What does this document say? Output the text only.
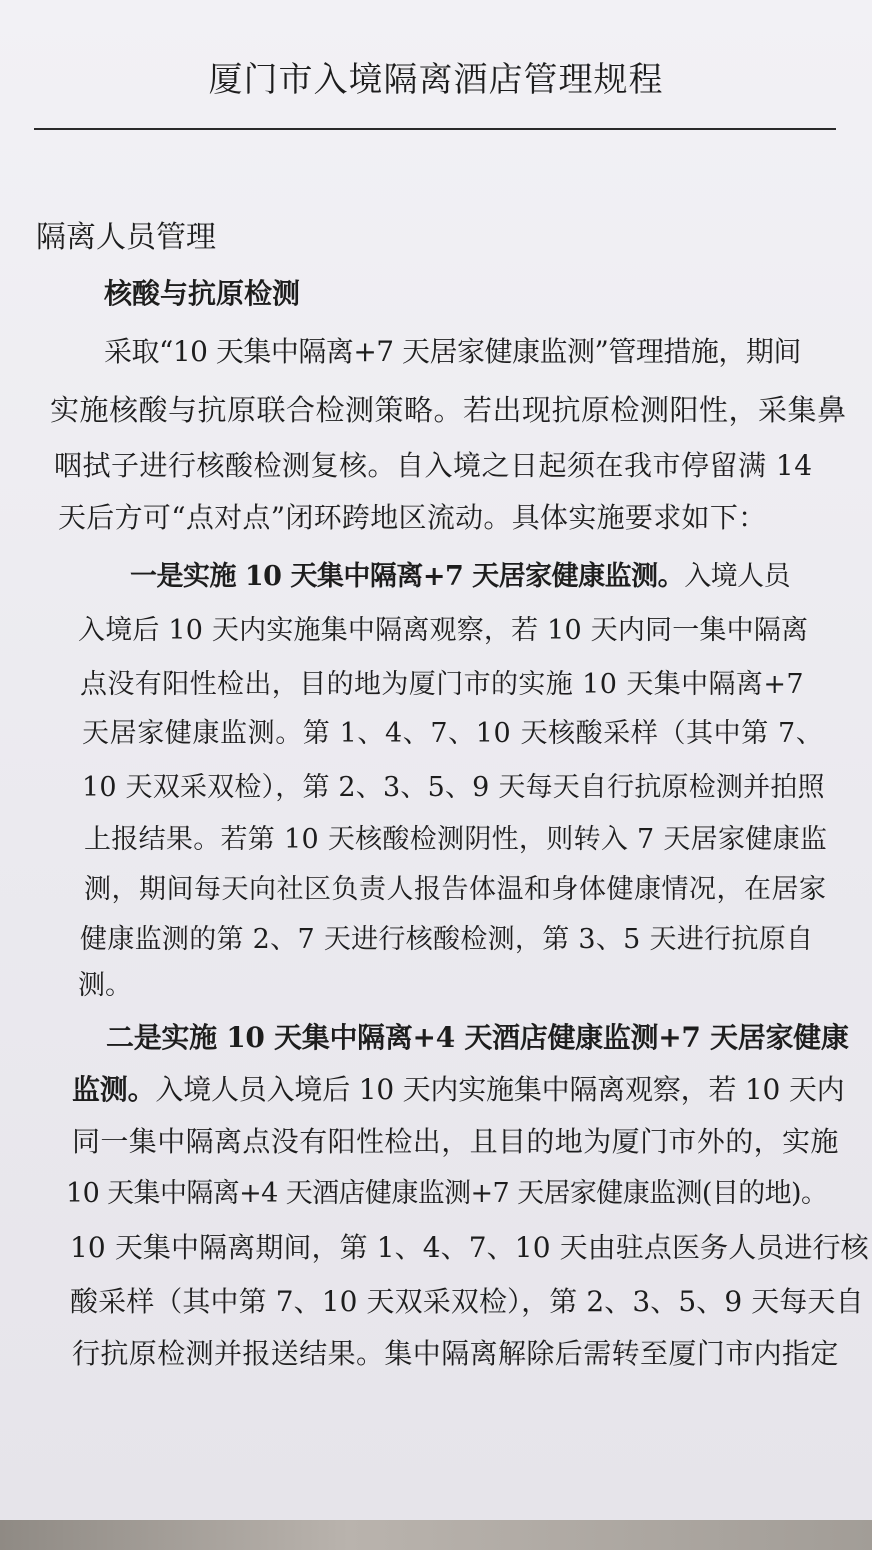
厦门市入境隔离酒店管理规程
隔离人员管理
核酸与抗原检测
采取“10 天集中隔离+7 天居家健康监测”管理措施，期间
实施核酸与抗原联合检测策略。若出现抗原检测阳性，采集鼻
咽拭子进行核酸检测复核。自入境之日起须在我市停留满 14
天后方可“点对点”闭环跨地区流动。具体实施要求如下：
一是实施 10 天集中隔离+7 天居家健康监测。入境人员
入境后 10 天内实施集中隔离观察，若 10 天内同一集中隔离
点没有阳性检出，目的地为厦门市的实施 10 天集中隔离+7
天居家健康监测。第 1、4、7、10 天核酸采样（其中第 7、
10 天双采双检），第 2、3、5、9 天每天自行抗原检测并拍照
上报结果。若第 10 天核酸检测阴性，则转入 7 天居家健康监
测，期间每天向社区负责人报告体温和身体健康情况，在居家
健康监测的第 2、7 天进行核酸检测，第 3、5 天进行抗原自
测。
二是实施 10 天集中隔离+4 天酒店健康监测+7 天居家健康
监测。入境人员入境后 10 天内实施集中隔离观察，若 10 天内
同一集中隔离点没有阳性检出，且目的地为厦门市外的，实施
10 天集中隔离+4 天酒店健康监测+7 天居家健康监测(目的地)。
10 天集中隔离期间，第 1、4、7、10 天由驻点医务人员进行核
酸采样（其中第 7、10 天双采双检），第 2、3、5、9 天每天自
行抗原检测并报送结果。集中隔离解除后需转至厦门市内指定
